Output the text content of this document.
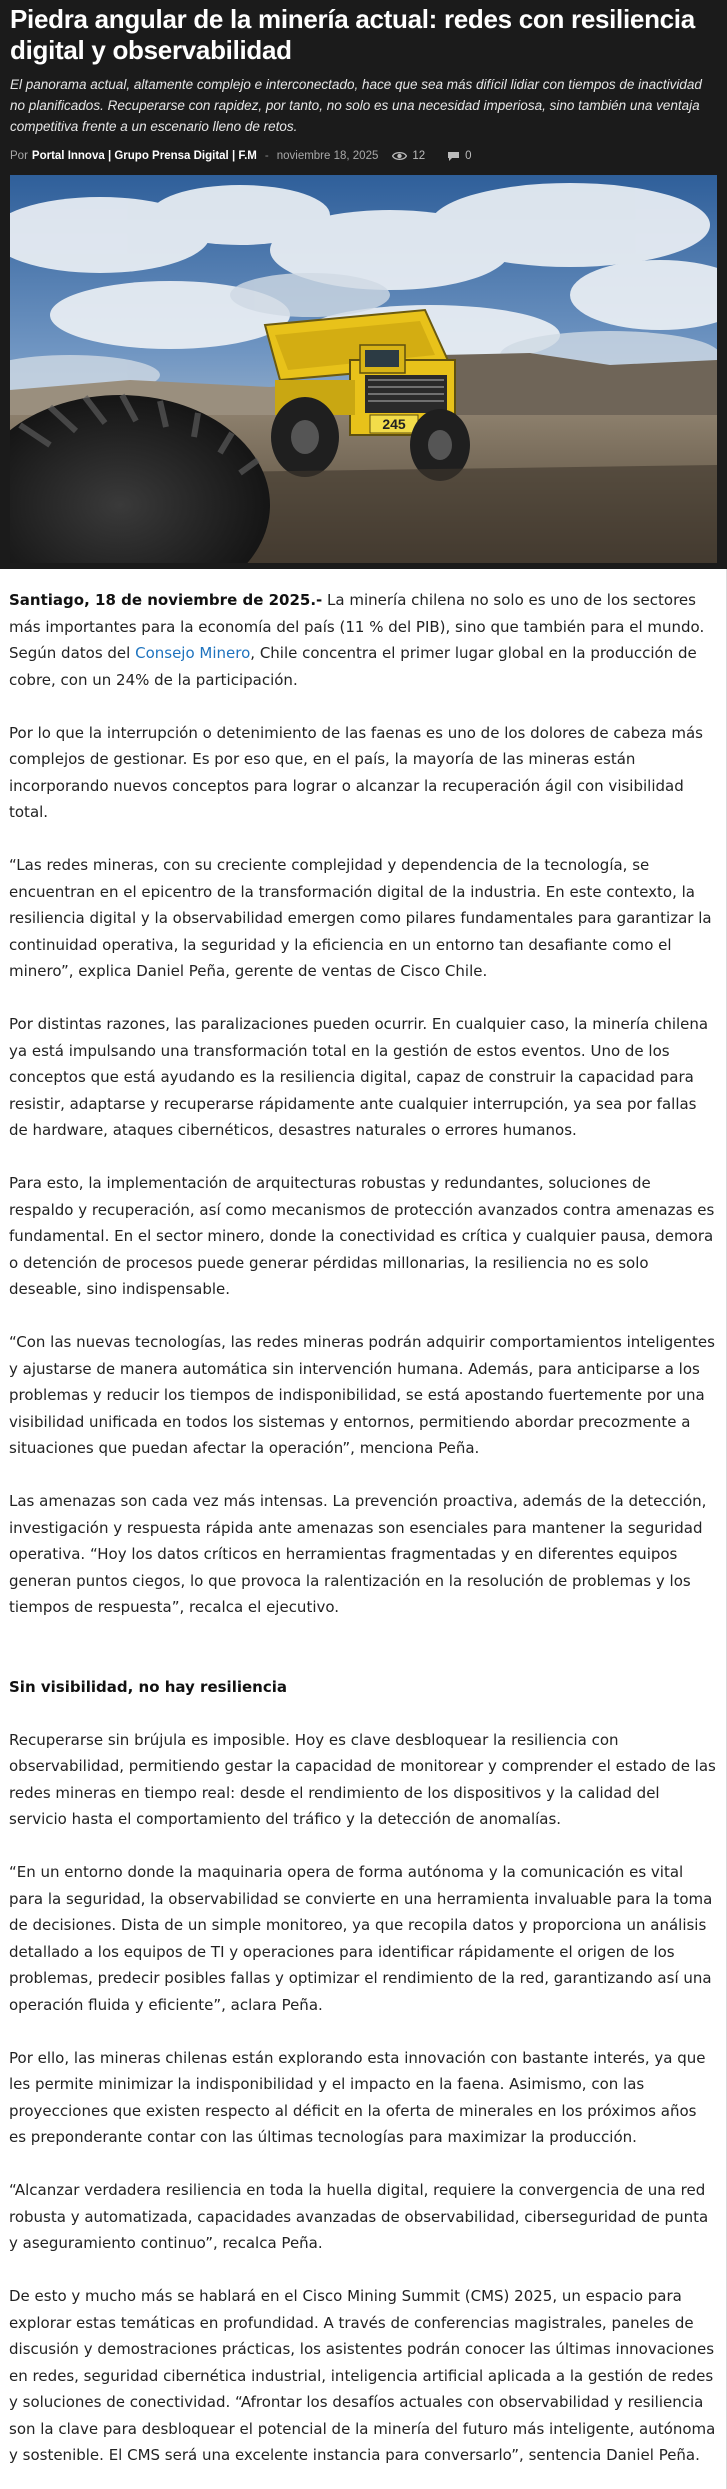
Piedra angular de la minería actual: redes con resiliencia digital y observabilidad
El panorama actual, altamente complejo e interconectado, hace que sea más difícil lidiar con tiempos de inactividad no planificados. Recuperarse con rapidez, por tanto, no solo es una necesidad imperiosa, sino también una ventaja competitiva frente a un escenario lleno de retos.
Por Portal Innova | Grupo Prensa Digital | F.M - noviembre 18, 2025	12	0
245

Santiago, 18 de noviembre de 2025.- La minería chilena no solo es uno de los sectores más importantes para la economía del país (11 % del PIB), sino que también para el mundo. Según datos del Consejo Minero, Chile concentra el primer lugar global en la producción de cobre, con un 24% de la participación.

Por lo que la interrupción o detenimiento de las faenas es uno de los dolores de cabeza más complejos de gestionar. Es por eso que, en el país, la mayoría de las mineras están incorporando nuevos conceptos para lograr o alcanzar la recuperación ágil con visibilidad total.

“Las redes mineras, con su creciente complejidad y dependencia de la tecnología, se encuentran en el epicentro de la transformación digital de la industria. En este contexto, la resiliencia digital y la observabilidad emergen como pilares fundamentales para garantizar la continuidad operativa, la seguridad y la eficiencia en un entorno tan desafiante como el minero”, explica Daniel Peña, gerente de ventas de Cisco Chile.

Por distintas razones, las paralizaciones pueden ocurrir. En cualquier caso, la minería chilena ya está impulsando una transformación total en la gestión de estos eventos. Uno de los conceptos que está ayudando es la resiliencia digital, capaz de construir la capacidad para resistir, adaptarse y recuperarse rápidamente ante cualquier interrupción, ya sea por fallas de hardware, ataques cibernéticos, desastres naturales o errores humanos.

Para esto, la implementación de arquitecturas robustas y redundantes, soluciones de respaldo y recuperación, así como mecanismos de protección avanzados contra amenazas es fundamental. En el sector minero, donde la conectividad es crítica y cualquier pausa, demora o detención de procesos puede generar pérdidas millonarias, la resiliencia no es solo deseable, sino indispensable.

“Con las nuevas tecnologías, las redes mineras podrán adquirir comportamientos inteligentes y ajustarse de manera automática sin intervención humana. Además, para anticiparse a los problemas y reducir los tiempos de indisponibilidad, se está apostando fuertemente por una visibilidad unificada en todos los sistemas y entornos, permitiendo abordar precozmente a situaciones que puedan afectar la operación”, menciona Peña.

Las amenazas son cada vez más intensas. La prevención proactiva, además de la detección, investigación y respuesta rápida ante amenazas son esenciales para mantener la seguridad operativa. “Hoy los datos críticos en herramientas fragmentadas y en diferentes equipos generan puntos ciegos, lo que provoca la ralentización en la resolución de problemas y los tiempos de respuesta”, recalca el ejecutivo.

Sin visibilidad, no hay resiliencia

Recuperarse sin brújula es imposible. Hoy es clave desbloquear la resiliencia con observabilidad, permitiendo gestar la capacidad de monitorear y comprender el estado de las redes mineras en tiempo real: desde el rendimiento de los dispositivos y la calidad del servicio hasta el comportamiento del tráfico y la detección de anomalías.

“En un entorno donde la maquinaria opera de forma autónoma y la comunicación es vital para la seguridad, la observabilidad se convierte en una herramienta invaluable para la toma de decisiones. Dista de un simple monitoreo, ya que recopila datos y proporciona un análisis detallado a los equipos de TI y operaciones para identificar rápidamente el origen de los problemas, predecir posibles fallas y optimizar el rendimiento de la red, garantizando así una operación fluida y eficiente”, aclara Peña.

Por ello, las mineras chilenas están explorando esta innovación con bastante interés, ya que les permite minimizar la indisponibilidad y el impacto en la faena. Asimismo, con las proyecciones que existen respecto al déficit en la oferta de minerales en los próximos años es preponderante contar con las últimas tecnologías para maximizar la producción.

“Alcanzar verdadera resiliencia en toda la huella digital, requiere la convergencia de una red robusta y automatizada, capacidades avanzadas de observabilidad, ciberseguridad de punta y aseguramiento continuo”, recalca Peña.

De esto y mucho más se hablará en el Cisco Mining Summit (CMS) 2025, un espacio para explorar estas temáticas en profundidad. A través de conferencias magistrales, paneles de discusión y demostraciones prácticas, los asistentes podrán conocer las últimas innovaciones en redes, seguridad cibernética industrial, inteligencia artificial aplicada a la gestión de redes y soluciones de conectividad. “Afrontar los desafíos actuales con observabilidad y resiliencia son la clave para desbloquear el potencial de la minería del futuro más inteligente, autónoma y sostenible. El CMS será una excelente instancia para conversarlo”, sentencia Daniel Peña.
